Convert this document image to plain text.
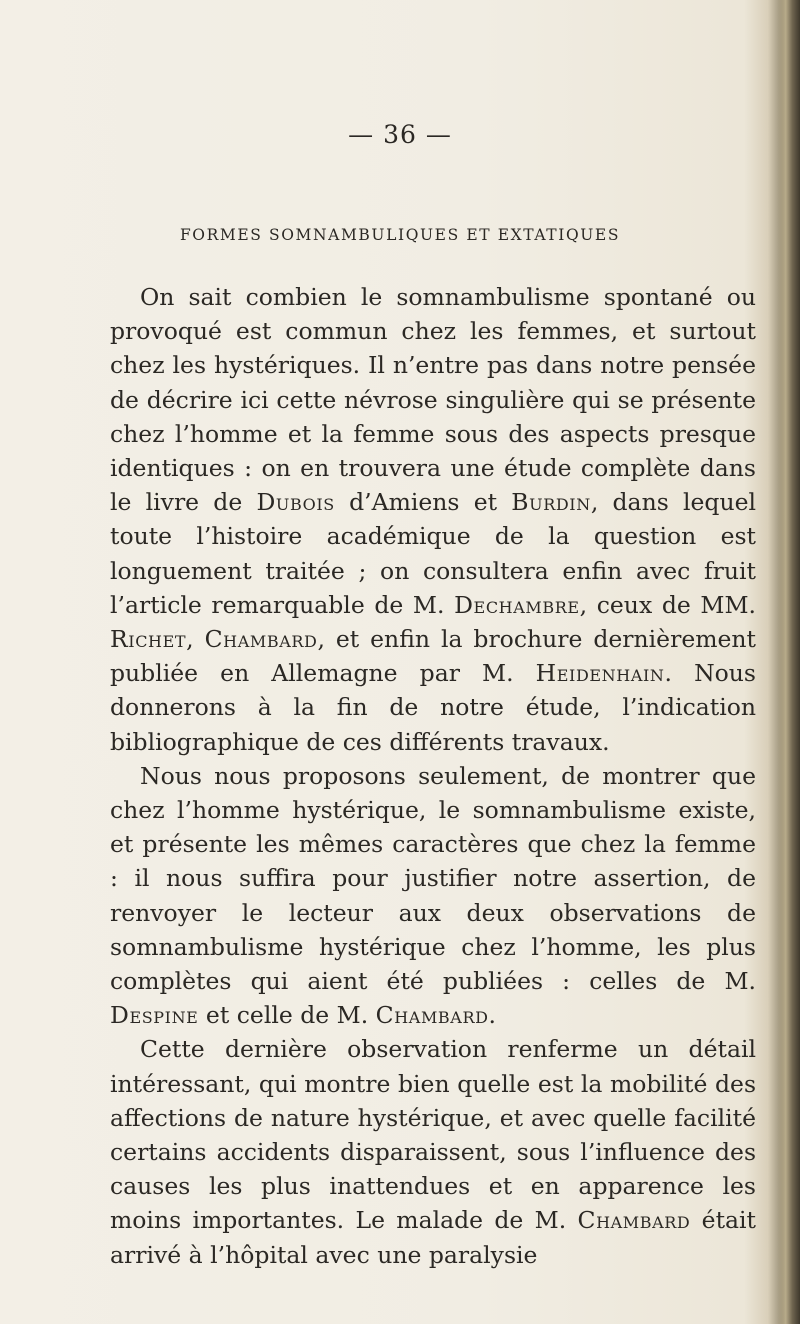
— 36 —
FORMES SOMNAMBULIQUES ET EXTATIQUES

On sait combien le somnambulisme spontané ou provoqué est commun chez les femmes, et surtout chez les hystériques. Il n’entre pas dans notre pensée de décrire ici cette névrose singulière qui se présente chez l’homme et la femme sous des aspects presque identiques : on en trouvera une étude complète dans le livre de Dubois d’Amiens et Burdin, dans lequel toute l’histoire académique de la question est longuement traitée ; on consultera enfin avec fruit l’article remarquable de M. Dechambre, ceux de MM. Richet, Chambard, et enfin la brochure dernièrement publiée en Allemagne par M. Heidenhain. Nous donnerons à la fin de notre étude, l’indication bibliographique de ces différents travaux.

Nous nous proposons seulement, de montrer que chez l’homme hystérique, le somnambulisme existe, et présente les mêmes caractères que chez la femme : il nous suffira pour justifier notre assertion, de renvoyer le lecteur aux deux observations de somnambulisme hystérique chez l’homme, les plus complètes qui aient été publiées : celles de M. Despine et celle de M. Chambard.

Cette dernière observation renferme un détail intéressant, qui montre bien quelle est la mobilité des affections de nature hystérique, et avec quelle facilité certains accidents disparaissent, sous l’influence des causes les plus inattendues et en apparence les moins importantes. Le malade de M. Chambard était arrivé à l’hôpital avec une paralysie
